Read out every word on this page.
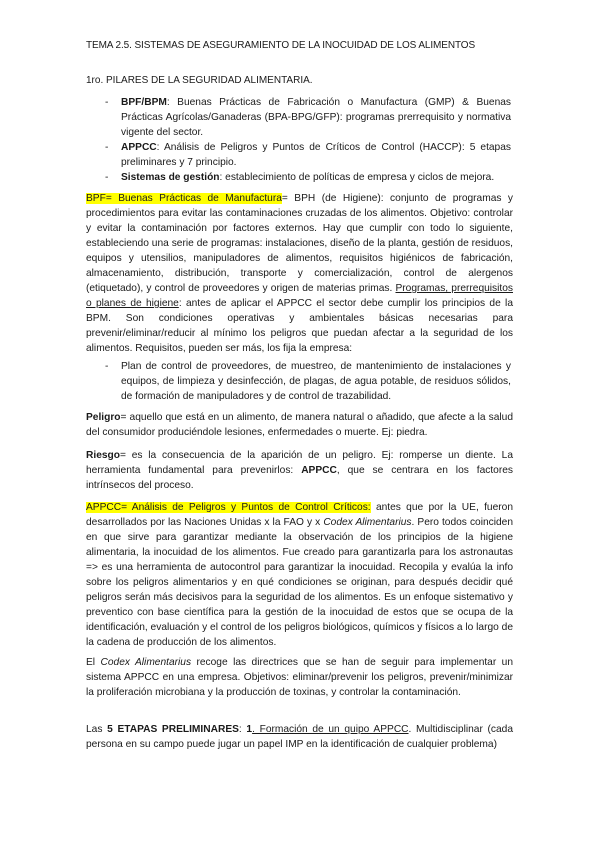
TEMA 2.5. SISTEMAS DE ASEGURAMIENTO DE LA INOCUIDAD DE LOS ALIMENTOS

1ro. PILARES DE LA SEGURIDAD ALIMENTARIA.

- BPF/BPM: Buenas Prácticas de Fabricación o Manufactura (GMP) & Buenas Prácticas Agrícolas/Ganaderas (BPA-BPG/GFP): programas prerrequisito y normativa vigente del sector.
- APPCC: Análisis de Peligros y Puntos de Críticos de Control (HACCP): 5 etapas preliminares y 7 principio.
- Sistemas de gestión: establecimiento de políticas de empresa y ciclos de mejora.

BPF= Buenas Prácticas de Manufactura= BPH (de Higiene): conjunto de programas y procedimientos para evitar las contaminaciones cruzadas de los alimentos. Objetivo: controlar y evitar la contaminación por factores externos. Hay que cumplir con todo lo siguiente, estableciendo una serie de programas: instalaciones, diseño de la planta, gestión de residuos, equipos y utensilios, manipuladores de alimentos, requisitos higiénicos de fabricación, almacenamiento, distribución, transporte y comercialización, control de alergenos (etiquetado), y control de proveedores y origen de materias primas. Programas, prerrequisitos o planes de higiene: antes de aplicar el APPCC el sector debe cumplir los principios de la BPM. Son condiciones operativas y ambientales básicas necesarias para prevenir/eliminar/reducir al mínimo los peligros que puedan afectar a la seguridad de los alimentos. Requisitos, pueden ser más, los fija la empresa:

- Plan de control de proveedores, de muestreo, de mantenimiento de instalaciones y equipos, de limpieza y desinfección, de plagas, de agua potable, de residuos sólidos, de formación de manipuladores y de control de trazabilidad.

Peligro= aquello que está en un alimento, de manera natural o añadido, que afecte a la salud del consumidor produciéndole lesiones, enfermedades o muerte. Ej: piedra.

Riesgo= es la consecuencia de la aparición de un peligro. Ej: romperse un diente. La herramienta fundamental para prevenirlos: APPCC, que se centrara en los factores intrínsecos del proceso.

APPCC= Análisis de Peligros y Puntos de Control Críticos: antes que por la UE, fueron desarrollados por las Naciones Unidas x la FAO y x Codex Alimentarius. Pero todos coinciden en que sirve para garantizar mediante la observación de los principios de la higiene alimentaria, la inocuidad de los alimentos. Fue creado para garantizarla para los astronautas => es una herramienta de autocontrol para garantizar la inocuidad. Recopila y evalúa la info sobre los peligros alimentarios y en qué condiciones se originan, para después decidir qué peligros serán más decisivos para la seguridad de los alimentos. Es un enfoque sistemativo y preventico con base científica para la gestión de la inocuidad de estos que se ocupa de la identificación, evaluación y el control de los peligros biológicos, químicos y físicos a lo largo de la cadena de producción de los alimentos.

El Codex Alimentarius recoge las directrices que se han de seguir para implementar un sistema APPCC en una empresa. Objetivos: eliminar/prevenir los peligros, prevenir/minimizar la proliferación microbiana y la producción de toxinas, y controlar la contaminación.

Las 5 ETAPAS PRELIMINARES: 1. Formación de un quipo APPCC. Multidisciplinar (cada persona en su campo puede jugar un papel IMP en la identificación de cualquier problema)
